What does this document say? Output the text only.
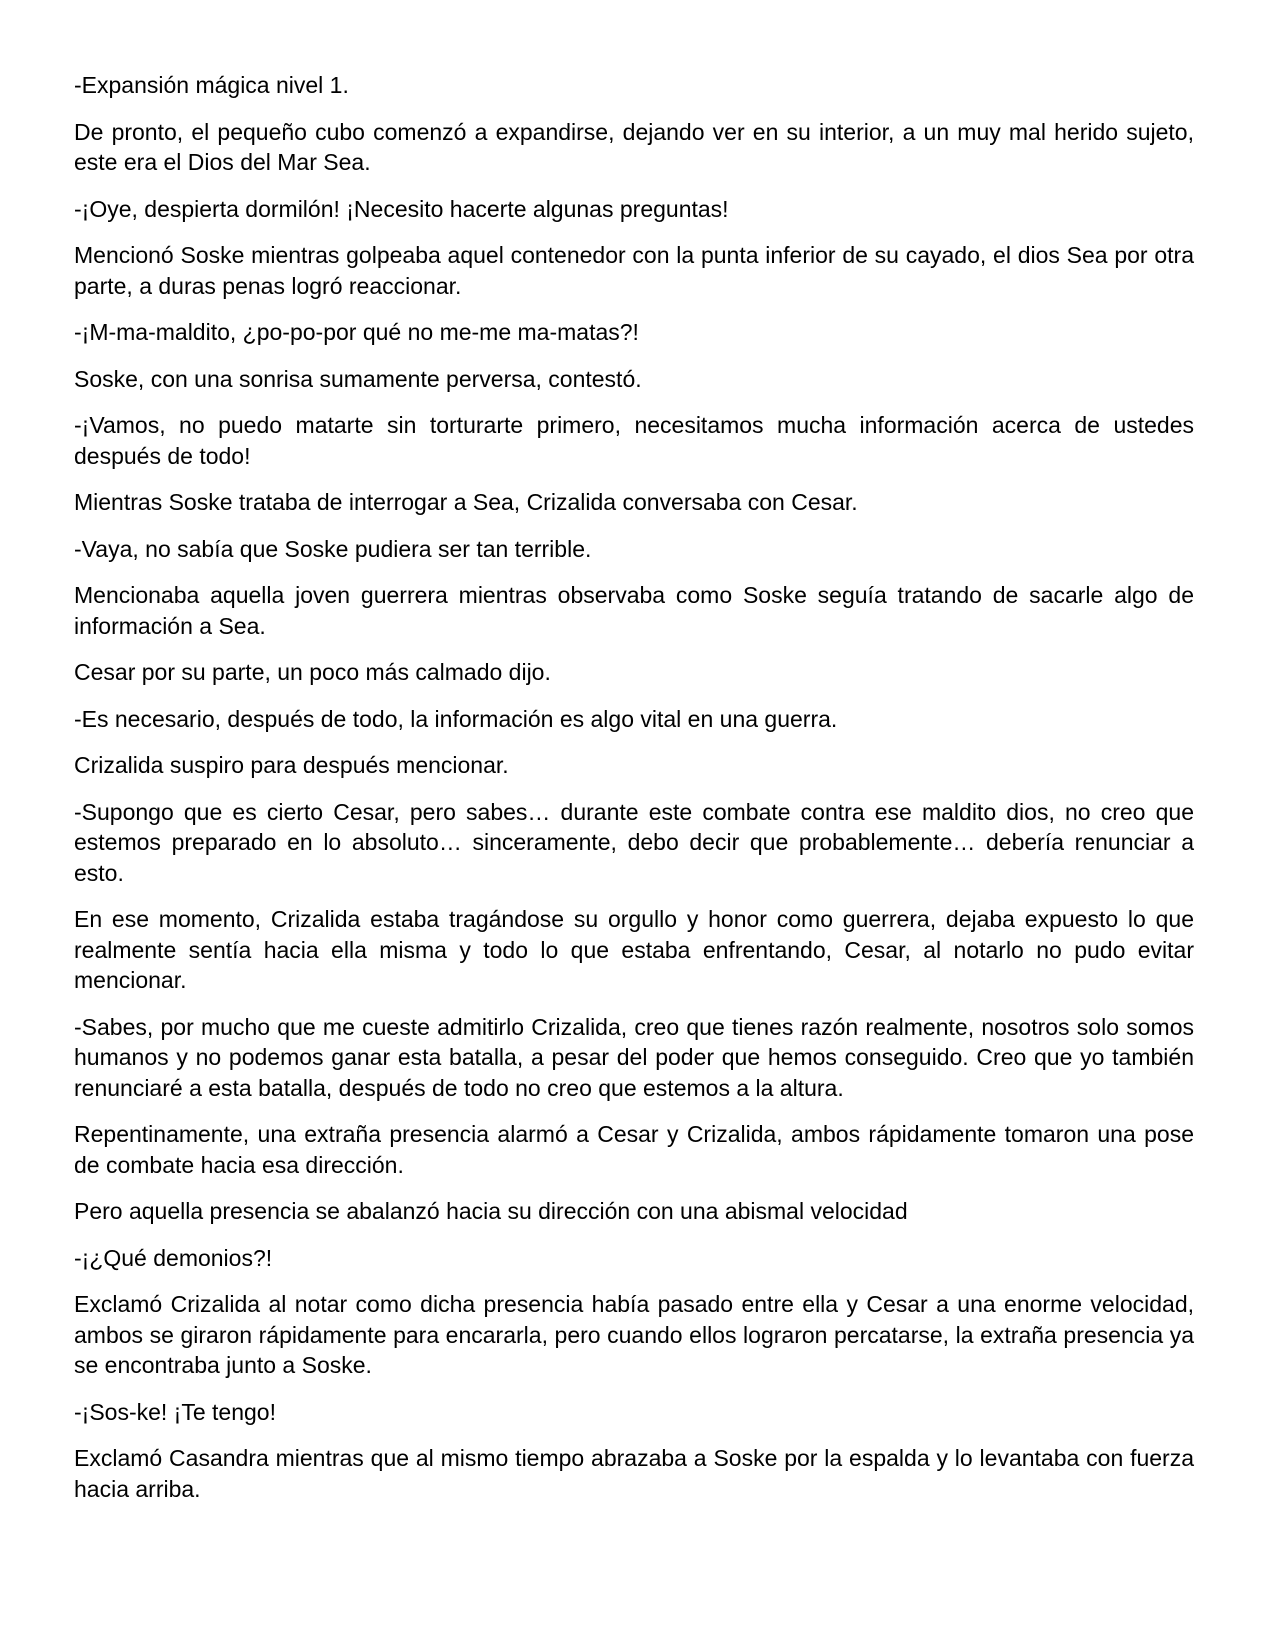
-Expansión mágica nivel 1.

De pronto, el pequeño cubo comenzó a expandirse, dejando ver en su interior, a un muy mal herido sujeto, este era el Dios del Mar Sea.

-¡Oye, despierta dormilón! ¡Necesito hacerte algunas preguntas!

Mencionó Soske mientras golpeaba aquel contenedor con la punta inferior de su cayado, el dios Sea por otra parte, a duras penas logró reaccionar.

-¡M-ma-maldito, ¿po-po-por qué no me-me ma-matas?!

Soske, con una sonrisa sumamente perversa, contestó.

-¡Vamos, no puedo matarte sin torturarte primero, necesitamos mucha información acerca de ustedes después de todo!

Mientras Soske trataba de interrogar a Sea, Crizalida conversaba con Cesar.

-Vaya, no sabía que Soske pudiera ser tan terrible.

Mencionaba aquella joven guerrera mientras observaba como Soske seguía tratando de sacarle algo de información a Sea.

Cesar por su parte, un poco más calmado dijo.

-Es necesario, después de todo, la información es algo vital en una guerra.

Crizalida suspiro para después mencionar.

-Supongo que es cierto Cesar, pero sabes… durante este combate contra ese maldito dios, no creo que estemos preparado en lo absoluto… sinceramente, debo decir que probablemente… debería renunciar a esto.

En ese momento, Crizalida estaba tragándose su orgullo y honor como guerrera, dejaba expuesto lo que realmente sentía hacia ella misma y todo lo que estaba enfrentando, Cesar, al notarlo no pudo evitar mencionar.

-Sabes, por mucho que me cueste admitirlo Crizalida, creo que tienes razón realmente, nosotros solo somos humanos y no podemos ganar esta batalla, a pesar del poder que hemos conseguido. Creo que yo también renunciaré a esta batalla, después de todo no creo que estemos a la altura.

Repentinamente, una extraña presencia alarmó a Cesar y Crizalida, ambos rápidamente tomaron una pose de combate hacia esa dirección.

Pero aquella presencia se abalanzó hacia su dirección con una abismal velocidad

-¡¿Qué demonios?!

Exclamó Crizalida al notar como dicha presencia había pasado entre ella y Cesar a una enorme velocidad, ambos se giraron rápidamente para encararla, pero cuando ellos lograron percatarse, la extraña presencia ya se encontraba junto a Soske.

-¡Sos-ke! ¡Te tengo!

Exclamó Casandra mientras que al mismo tiempo abrazaba a Soske por la espalda y lo levantaba con fuerza hacia arriba.
